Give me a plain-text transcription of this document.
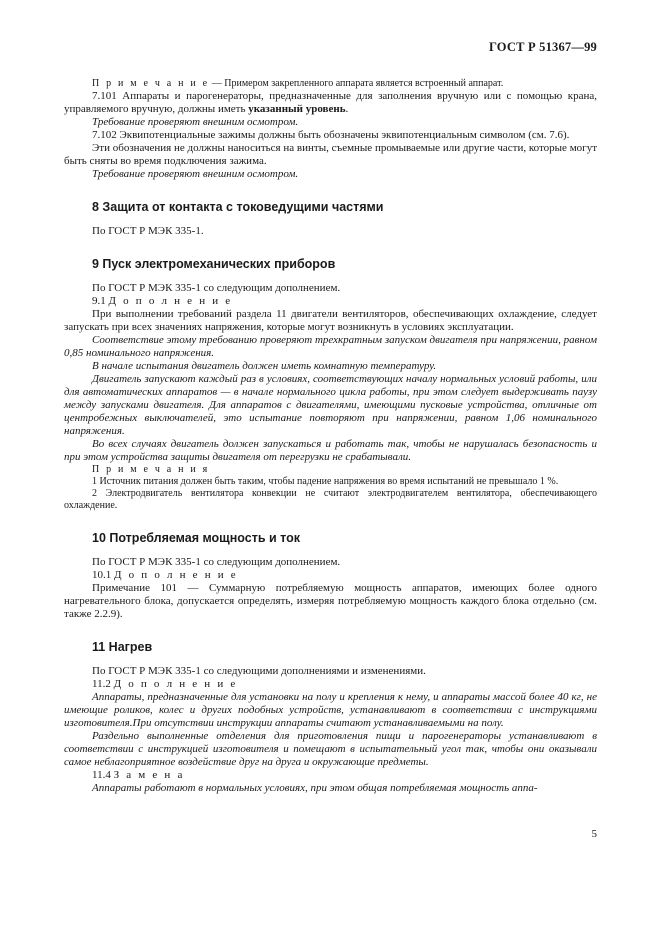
ГОСТ Р 51367—99

П р и м е ч а н и е — Примером закрепленного аппарата является встроенный аппарат.

7.101 Аппараты и парогенераторы, предназначенные для заполнения вручную или с помощью крана, управляемого вручную, должны иметь указанный уровень.

Требование проверяют внешним осмотром.

7.102 Эквипотенциальные зажимы должны быть обозначены эквипотенциальным символом (см. 7.6).

Эти обозначения не должны наноситься на винты, съемные промываемые или другие части, которые могут быть сняты во время подключения зажима.

Требование проверяют внешним осмотром.

8 Защита от контакта с токоведущими частями

По ГОСТ Р МЭК 335-1.

9 Пуск электромеханических приборов

По ГОСТ Р МЭК 335-1 со следующим дополнением.

9.1 Д о п о л н е н и е

При выполнении требований раздела 11 двигатели вентиляторов, обеспечивающих охлаждение, следует запускать при всех значениях напряжения, которые могут возникнуть в условиях эксплуатации.

Соответствие этому требованию проверяют трехкратным запуском двигателя при напряжении, равном 0,85 номинального напряжения.

В начале испытания двигатель должен иметь комнатную температуру.

Двигатель запускают каждый раз в условиях, соответствующих началу нормальных условий работы, или для автоматических аппаратов — в начале нормального цикла работы, при этом следует выдерживать паузу между запусками двигателя. Для аппаратов с двигателями, имеющими пусковые устройства, отличные от центробежных выключателей, это испытание повторяют при напряжении, равном 1,06 номинального напряжения.

Во всех случаях двигатель должен запускаться и работать так, чтобы не нарушалась безопасность и при этом устройства защиты двигателя от перегрузки не срабатывали.

П р и м е ч а н и я

1 Источник питания должен быть таким, чтобы падение напряжения во время испытаний не превышало 1 %.

2 Электродвигатель вентилятора конвекции не считают электродвигателем вентилятора, обеспечивающего охлаждение.

10 Потребляемая мощность и ток

По ГОСТ Р МЭК 335-1 со следующим дополнением.

10.1 Д о п о л н е н и е

Примечание 101 — Суммарную потребляемую мощность аппаратов, имеющих более одного нагревательного блока, допускается определять, измеряя потребляемую мощность каждого блока отдельно (см. также 2.2.9).

11 Нагрев

По ГОСТ Р МЭК 335-1 со следующими дополнениями и изменениями.

11.2 Д о п о л н е н и е

Аппараты, предназначенные для установки на полу и крепления к нему, и аппараты массой более 40 кг, не имеющие роликов, колес и других подобных устройств, устанавливают в соответствии с инструкциями изготовителя.При отсутствии инструкции аппараты считают устанавливаемыми на полу.

Раздельно выполненные отделения для приготовления пищи и парогенераторы устанавливают в соответствии с инструкцией изготовителя и помещают в испытательный угол так, чтобы они оказывали самое неблагоприятное воздействие друг на друга и окружающие предметы.

11.4 З а м е н а

Аппараты работают в нормальных условиях, при этом общая потребляемая мощность аппа-

5
